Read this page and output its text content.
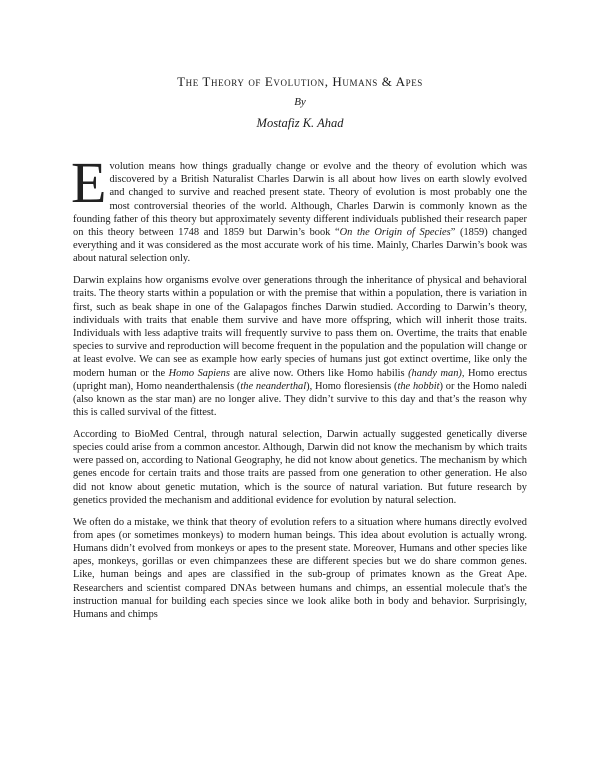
The Theory of Evolution, Humans & Apes
By
Mostafiz K. Ahad

Evolution means how things gradually change or evolve and the theory of evolution which was discovered by a British Naturalist Charles Darwin is all about how lives on earth slowly evolved and changed to survive and reached present state. Theory of evolution is most probably one the most controversial theories of the world. Although, Charles Darwin is commonly known as the founding father of this theory but approximately seventy different individuals published their research paper on this theory between 1748 and 1859 but Darwin’s book “On the Origin of Species” (1859) changed everything and it was considered as the most accurate work of his time. Mainly, Charles Darwin’s book was about natural selection only.

Darwin explains how organisms evolve over generations through the inheritance of physical and behavioral traits. The theory starts within a population or with the premise that within a population, there is variation in first, such as beak shape in one of the Galapagos finches Darwin studied. According to Darwin’s theory, individuals with traits that enable them survive and have more offspring, which will inherit those traits. Individuals with less adaptive traits will frequently survive to pass them on. Overtime, the traits that enable species to survive and reproduction will become frequent in the population and the population will change or at least evolve. We can see as example how early species of humans just got extinct overtime, like only the modern human or the Homo Sapiens are alive now. Others like Homo habilis (handy man), Homo erectus (upright man), Homo neanderthalensis (the neanderthal), Homo floresiensis (the hobbit) or the Homo naledi (also known as the star man) are no longer alive. They didn’t survive to this day and that’s the reason why this is called survival of the fittest.

According to BioMed Central, through natural selection, Darwin actually suggested genetically diverse species could arise from a common ancestor. Although, Darwin did not know the mechanism by which traits were passed on, according to National Geography, he did not know about genetics. The mechanism by which genes encode for certain traits and those traits are passed from one generation to other generation. He also did not know about genetic mutation, which is the source of natural variation. But future research by genetics provided the mechanism and additional evidence for evolution by natural selection.

We often do a mistake, we think that theory of evolution refers to a situation where humans directly evolved from apes (or sometimes monkeys) to modern human beings. This idea about evolution is actually wrong. Humans didn’t evolved from monkeys or apes to the present state. Moreover, Humans and other species like apes, monkeys, gorillas or even chimpanzees these are different species but we do share common genes. Like, human beings and apes are classified in the sub-group of primates known as the Great Ape. Researchers and scientist compared DNAs between humans and chimps, an essential molecule that's the instruction manual for building each species since we look alike both in body and behavior. Surprisingly, Humans and chimps
